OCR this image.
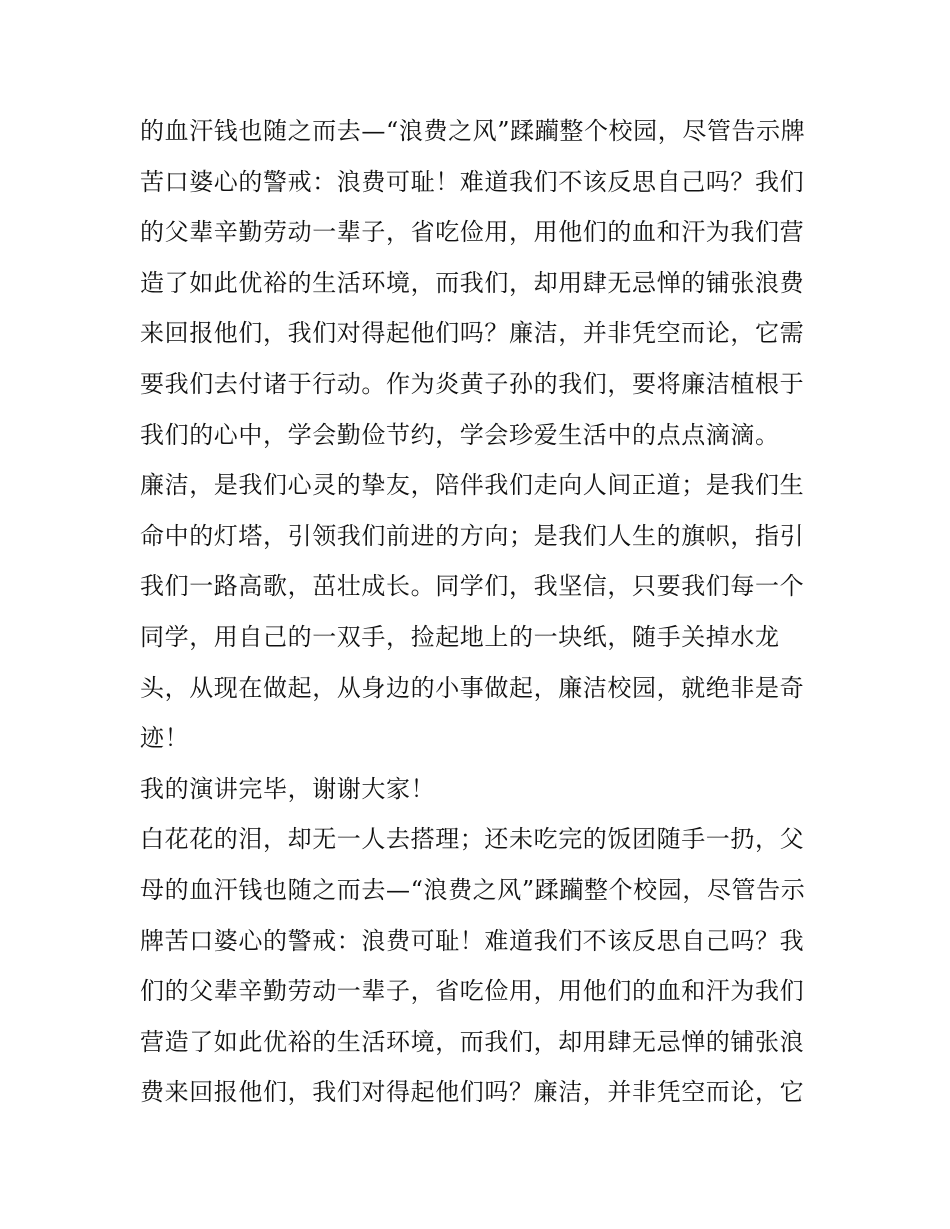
的血汗钱也随之而去—“浪费之风”蹂躏整个校园，尽管告示牌
苦口婆心的警戒：浪费可耻！难道我们不该反思自己吗？我们
的父辈辛勤劳动一辈子，省吃俭用，用他们的血和汗为我们营
造了如此优裕的生活环境，而我们，却用肆无忌惮的铺张浪费
来回报他们，我们对得起他们吗？廉洁，并非凭空而论，它需
要我们去付诸于行动。作为炎黄子孙的我们，要将廉洁植根于
我们的心中，学会勤俭节约，学会珍爱生活中的点点滴滴。
廉洁，是我们心灵的挚友，陪伴我们走向人间正道；是我们生
命中的灯塔，引领我们前进的方向；是我们人生的旗帜，指引
我们一路高歌，茁壮成长。同学们，我坚信，只要我们每一个
同学，用自己的一双手，捡起地上的一块纸，随手关掉水龙
头，从现在做起，从身边的小事做起，廉洁校园，就绝非是奇
迹！
我的演讲完毕，谢谢大家！
白花花的泪，却无一人去搭理；还未吃完的饭团随手一扔，父
母的血汗钱也随之而去—“浪费之风”蹂躏整个校园，尽管告示
牌苦口婆心的警戒：浪费可耻！难道我们不该反思自己吗？我
们的父辈辛勤劳动一辈子，省吃俭用，用他们的血和汗为我们
营造了如此优裕的生活环境，而我们，却用肆无忌惮的铺张浪
费来回报他们，我们对得起他们吗？廉洁，并非凭空而论，它
